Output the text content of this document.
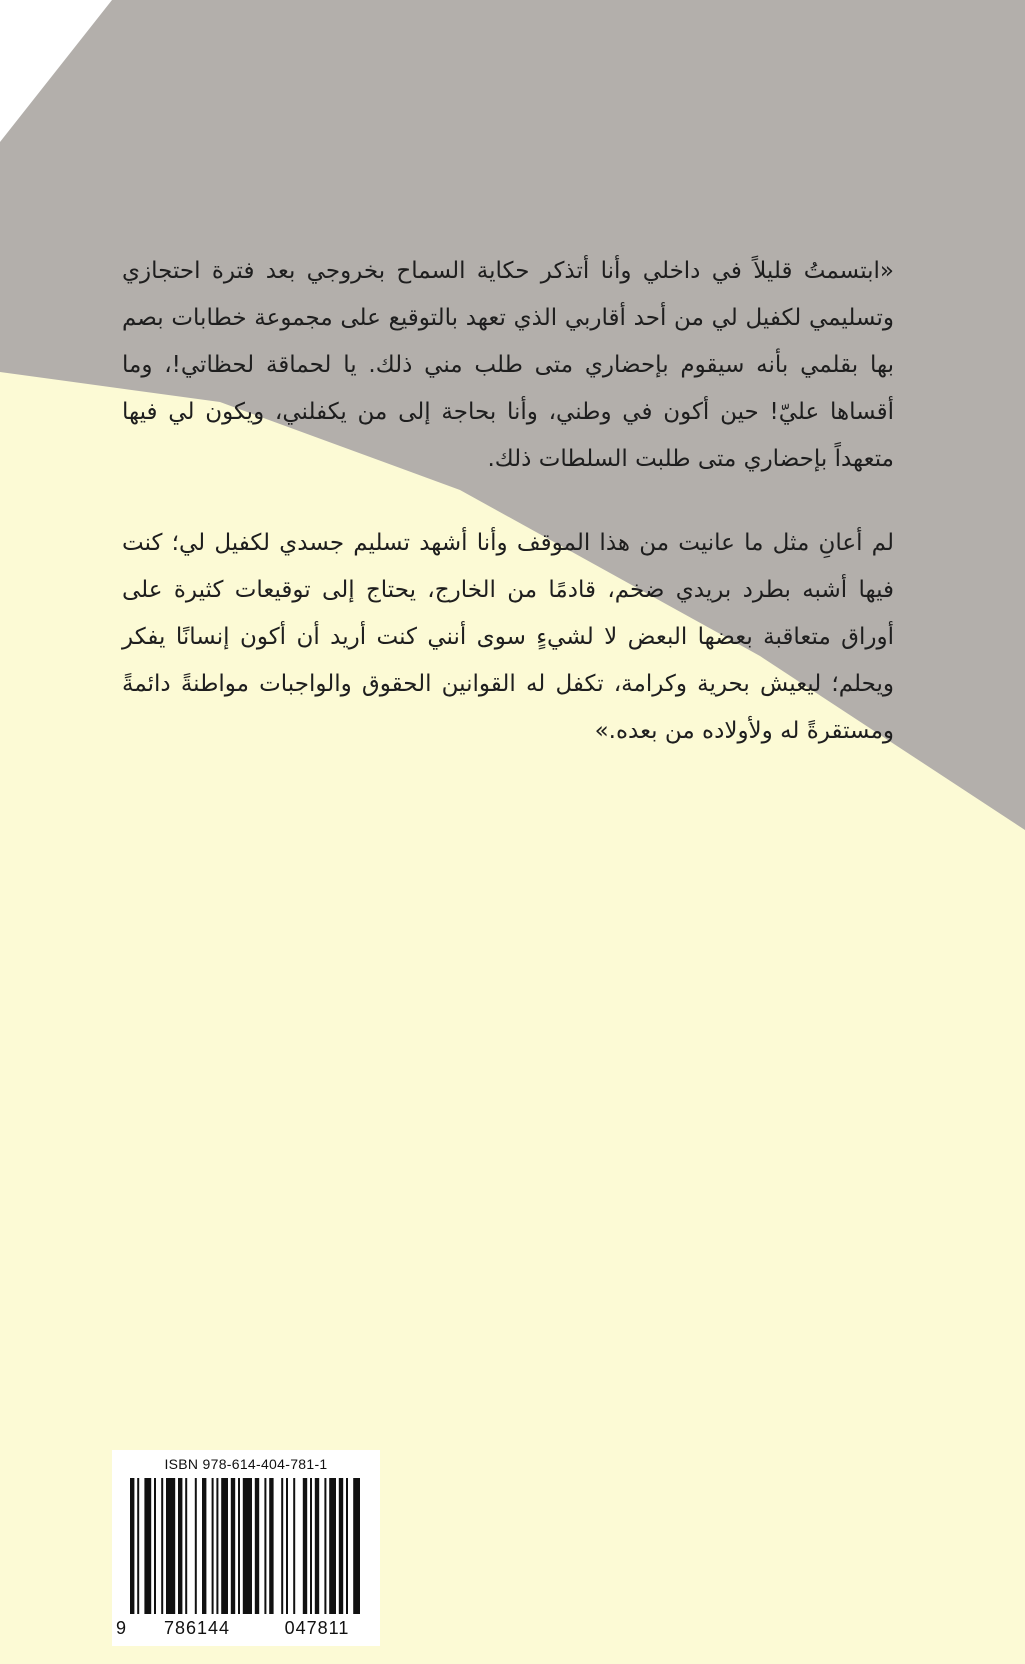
«ابتسمتُ قليلاً في داخلي وأنا أتذكر حكاية السماح بخروجي بعد فترة احتجازي وتسليمي لكفيل لي من أحد أقاربي الذي تعهد بالتوقيع على مجموعة خطابات بصم بها بقلمي بأنه سيقوم بإحضاري متى طلب مني ذلك. يا لحماقة لحظاتي!، وما أقساها عليّ! حين أكون في وطني، وأنا بحاجة إلى من يكفلني، ويكون لي فيها متعهداً بإحضاري متى طلبت السلطات ذلك.
لم أعانِ مثل ما عانيت من هذا الموقف وأنا أشهد تسليم جسدي لكفيل لي؛ كنت فيها أشبه بطرد بريدي ضخم، قادمًا من الخارج، يحتاج إلى توقيعات كثيرة على أوراق متعاقبة بعضها البعض لا لشيءٍ سوى أنني كنت أريد أن أكون إنسانًا يفكر ويحلم؛ ليعيش بحرية وكرامة، تكفل له القوانين الحقوق والواجبات مواطنةً دائمةً ومستقرةً له ولأولاده من بعده.»
ISBN 978-614-404-781-1
9	786144	047811
